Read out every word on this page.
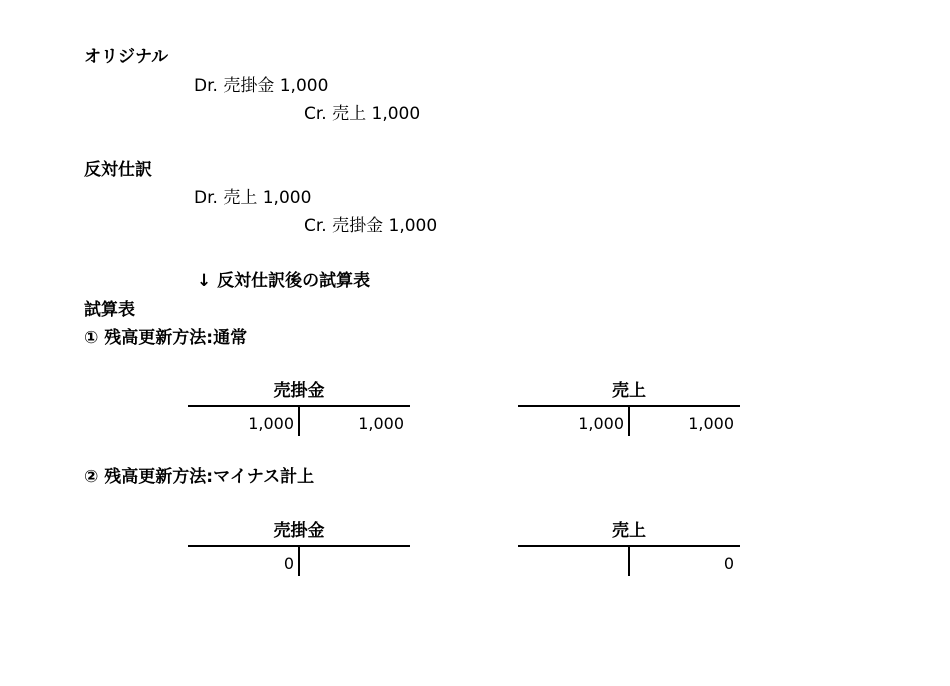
オリジナル
Dr. 売掛金 1,000
Cr. 売上 1,000
反対仕訳
Dr. 売上 1,000
Cr. 売掛金 1,000
↓ 反対仕訳後の試算表
試算表
① 残高更新方法:通常
売掛金
1,000	1,000
売上
1,000	1,000
② 残高更新方法:マイナス計上
売掛金
0
売上
0
